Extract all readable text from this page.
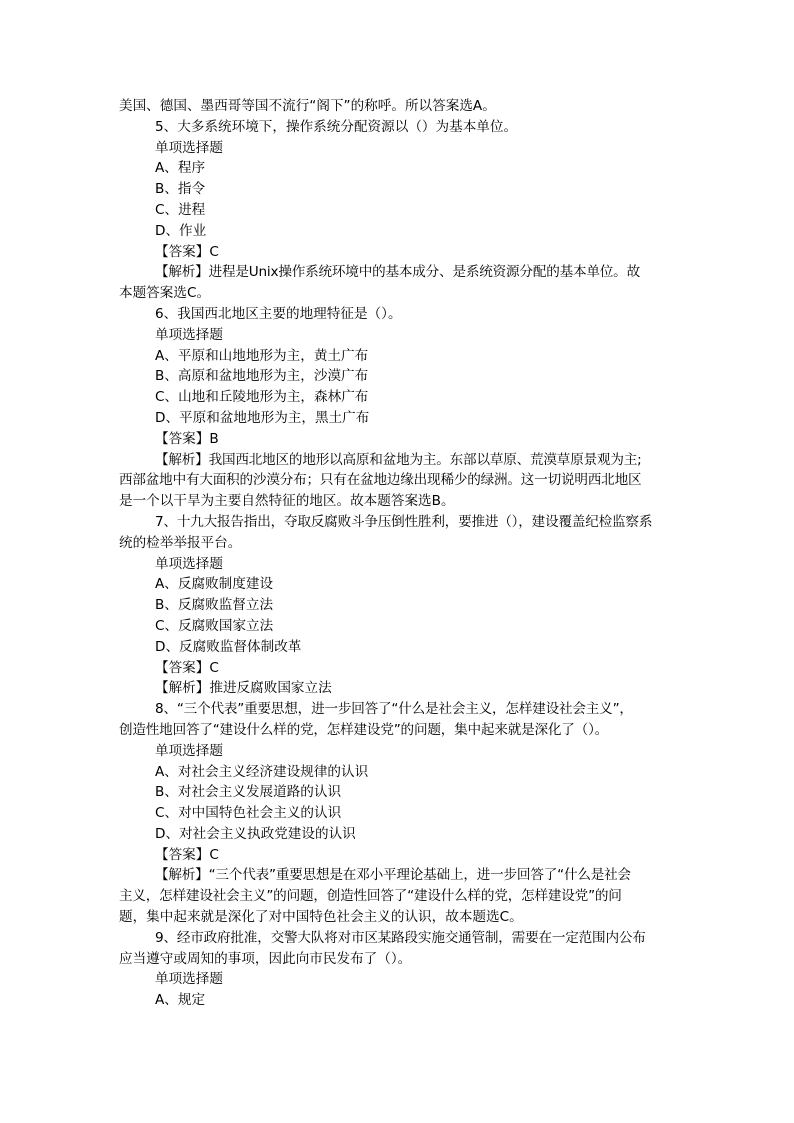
美国、德国、墨西哥等国不流行“阁下”的称呼。所以答案选A。
5、大多系统环境下，操作系统分配资源以（）为基本单位。
单项选择题
A、程序
B、指令
C、进程
D、作业
【答案】C
【解析】进程是Unix操作系统环境中的基本成分、是系统资源分配的基本单位。故
本题答案选C。
6、我国西北地区主要的地理特征是（）。
单项选择题
A、平原和山地地形为主，黄土广布
B、高原和盆地地形为主，沙漠广布
C、山地和丘陵地形为主，森林广布
D、平原和盆地地形为主，黑土广布
【答案】B
【解析】我国西北地区的地形以高原和盆地为主。东部以草原、荒漠草原景观为主;
西部盆地中有大面积的沙漠分布；只有在盆地边缘出现稀少的绿洲。这一切说明西北地区
是一个以干旱为主要自然特征的地区。故本题答案选B。
7、十九大报告指出，夺取反腐败斗争压倒性胜利，要推进（），建设覆盖纪检监察系
统的检举举报平台。
单项选择题
A、反腐败制度建设
B、反腐败监督立法
C、反腐败国家立法
D、反腐败监督体制改革
【答案】C
【解析】推进反腐败国家立法
8、“三个代表”重要思想，进一步回答了“什么是社会主义，怎样建设社会主义”，
创造性地回答了“建设什么样的党，怎样建设党”的问题，集中起来就是深化了（）。
单项选择题
A、对社会主义经济建设规律的认识
B、对社会主义发展道路的认识
C、对中国特色社会主义的认识
D、对社会主义执政党建设的认识
【答案】C
【解析】“三个代表”重要思想是在邓小平理论基础上，进一步回答了“什么是社会
主义，怎样建设社会主义”的问题，创造性回答了“建设什么样的党，怎样建设党”的问
题，集中起来就是深化了对中国特色社会主义的认识，故本题选C。
9、经市政府批准，交警大队将对市区某路段实施交通管制，需要在一定范围内公布
应当遵守或周知的事项，因此向市民发布了（）。
单项选择题
A、规定
